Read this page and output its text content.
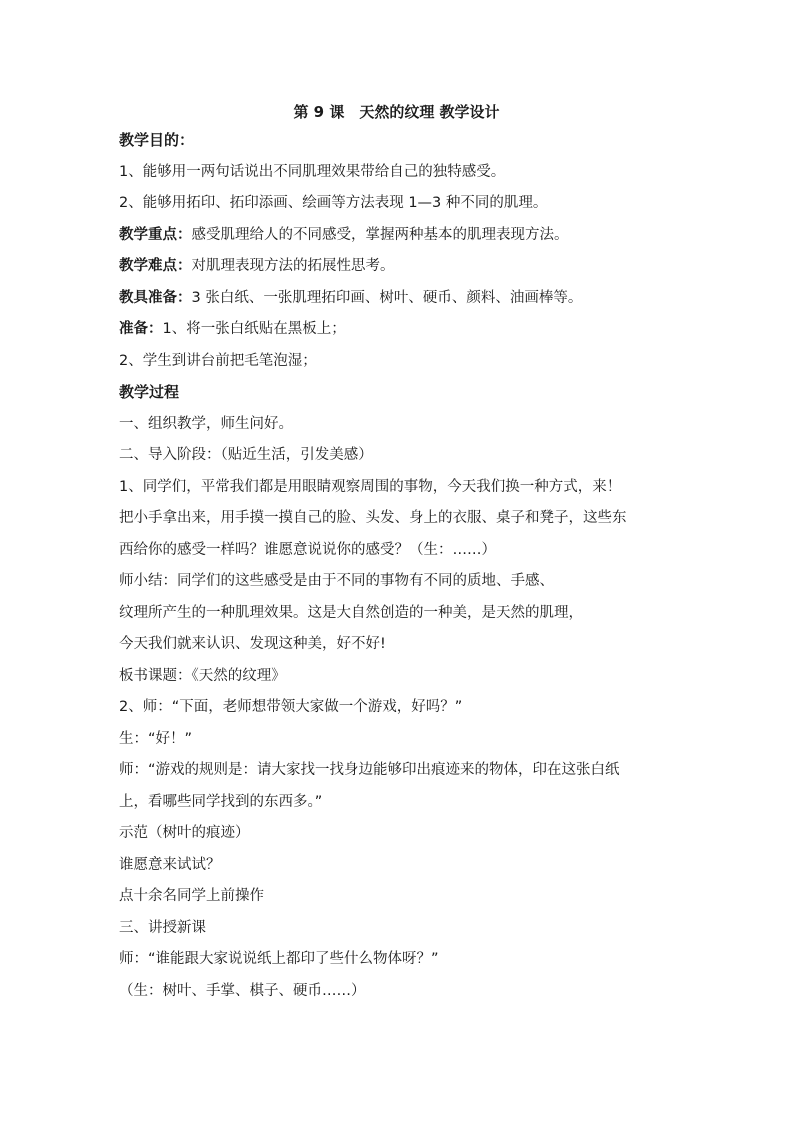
第 9 课　天然的纹理 教学设计
教学目的：
1、能够用一两句话说出不同肌理效果带给自己的独特感受。
2、能够用拓印、拓印添画、绘画等方法表现 1—3 种不同的肌理。
教学重点：感受肌理给人的不同感受，掌握两种基本的肌理表现方法。
教学难点：对肌理表现方法的拓展性思考。
教具准备：3 张白纸、一张肌理拓印画、树叶、硬币、颜料、油画棒等。
准备：1、将一张白纸贴在黑板上；
2、学生到讲台前把毛笔泡湿；
教学过程
一、组织教学，师生问好。
二、导入阶段：（贴近生活，引发美感）
1、同学们，平常我们都是用眼睛观察周围的事物，今天我们换一种方式，来！
把小手拿出来，用手摸一摸自己的脸、头发、身上的衣服、桌子和凳子，这些东
西给你的感受一样吗？谁愿意说说你的感受？（生：……）
师小结：同学们的这些感受是由于不同的事物有不同的质地、手感、
纹理所产生的一种肌理效果。这是大自然创造的一种美，是天然的肌理，
今天我们就来认识、发现这种美，好不好!
板书课题：《天然的纹理》
2、师：“下面，老师想带领大家做一个游戏，好吗？”
生：“好！”
师：“游戏的规则是：请大家找一找身边能够印出痕迹来的物体，印在这张白纸
上，看哪些同学找到的东西多。”
示范（树叶的痕迹）
谁愿意来试试？
点十余名同学上前操作
三、讲授新课
师：“谁能跟大家说说纸上都印了些什么物体呀？”
（生：树叶、手掌、棋子、硬币……）
